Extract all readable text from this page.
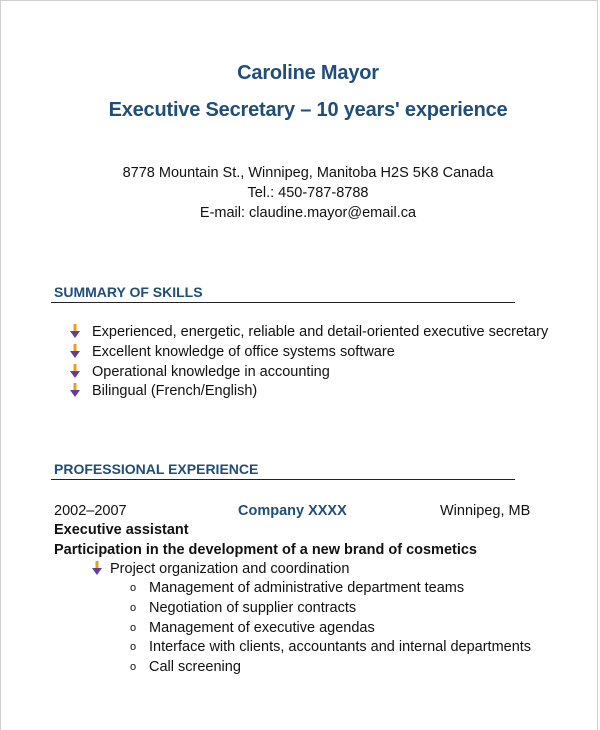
Caroline Mayor
Executive Secretary – 10 years' experience
8778 Mountain St., Winnipeg, Manitoba H2S 5K8 Canada
Tel.: 450-787-8788
E-mail: claudine.mayor@email.ca
SUMMARY OF SKILLS
Experienced, energetic, reliable and detail-oriented executive secretary
Excellent knowledge of office systems software
Operational knowledge in accounting
Bilingual (French/English)
PROFESSIONAL EXPERIENCE
2002–2007	Company XXXX	Winnipeg, MB
Executive assistant
Participation in the development of a new brand of cosmetics
Project organization and coordination
o Management of administrative department teams
o Negotiation of supplier contracts
o Management of executive agendas
o Interface with clients, accountants and internal departments
o Call screening
